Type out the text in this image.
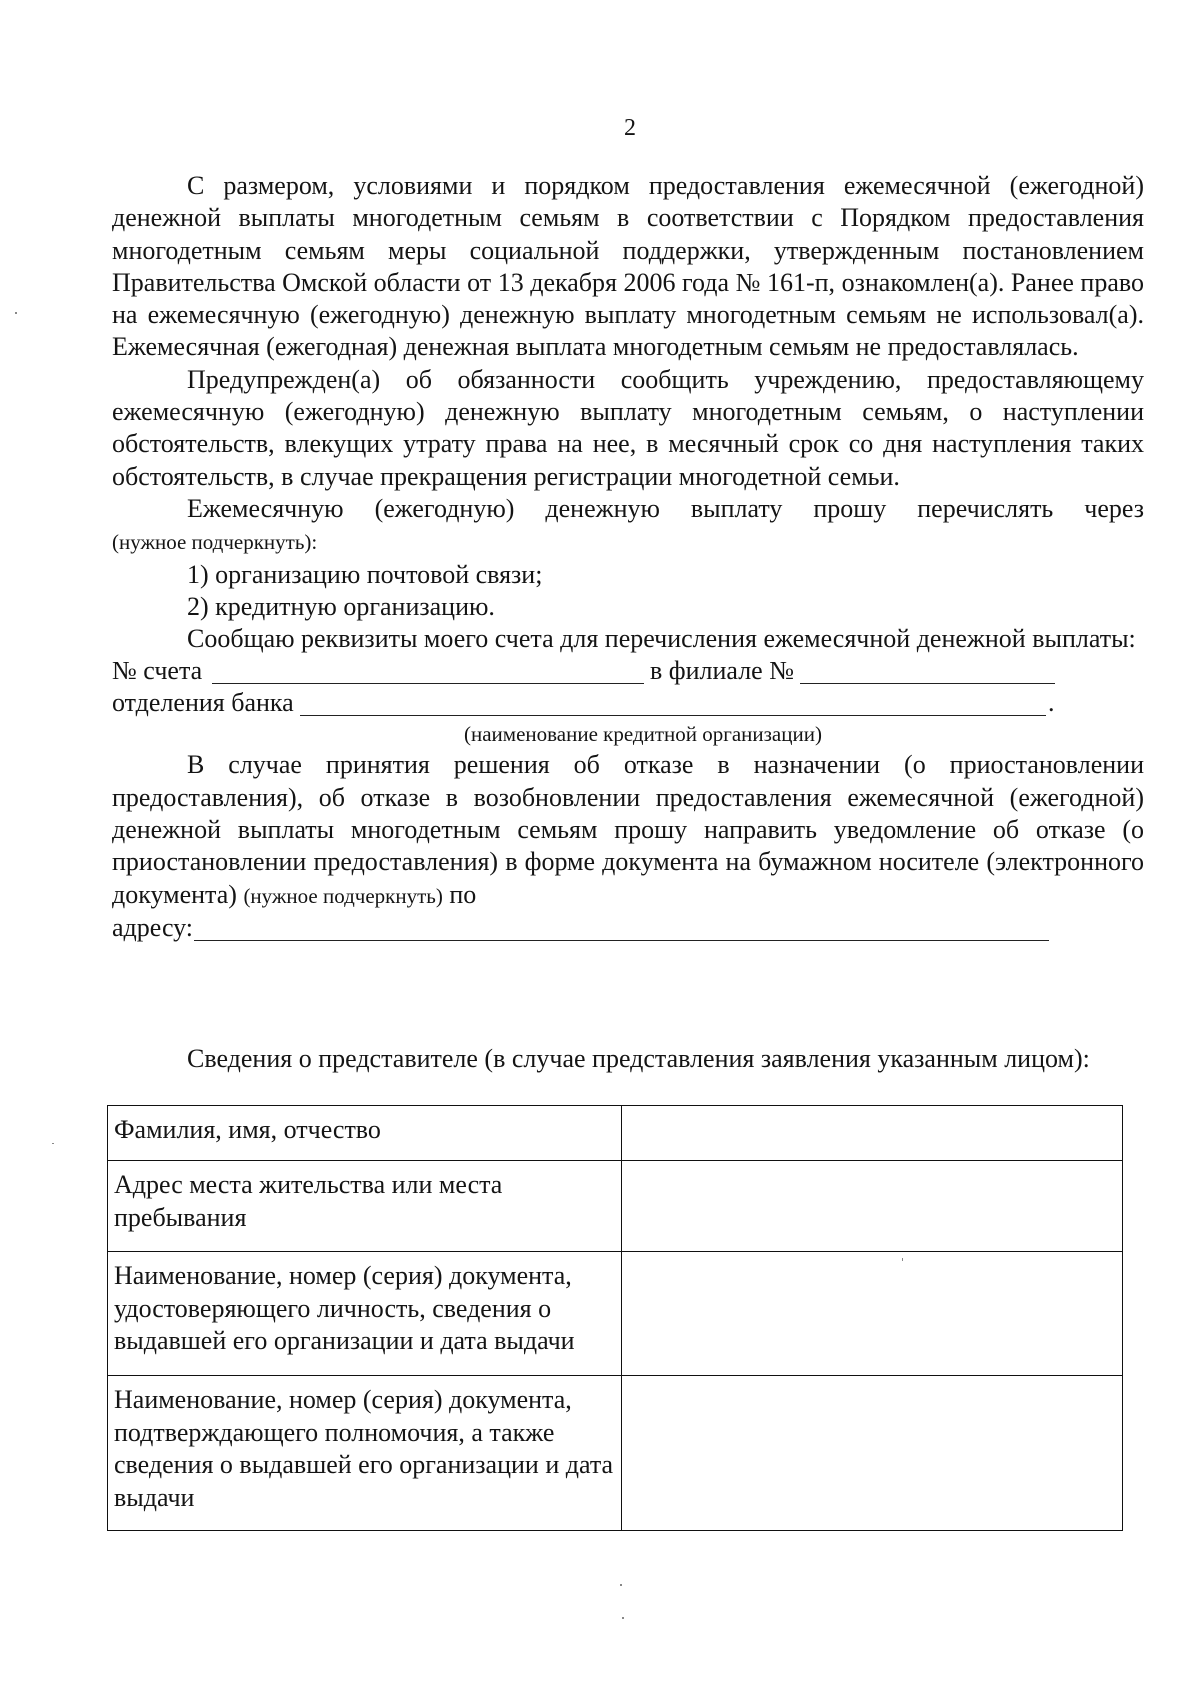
2

С размером, условиями и порядком предоставления ежемесячной (ежегодной) денежной выплаты многодетным семьям в соответствии с Порядком предоставления многодетным семьям меры социальной поддержки, утвержденным постановлением Правительства Омской области от 13 декабря 2006 года № 161-п, ознакомлен(а). Ранее право на ежемесячную (ежегодную) денежную выплату многодетным семьям не использовал(а). Ежемесячная (ежегодная) денежная выплата многодетным семьям не предоставлялась.

Предупрежден(а) об обязанности сообщить учреждению, предоставляющему ежемесячную (ежегодную) денежную выплату многодетным семьям, о наступлении обстоятельств, влекущих утрату права на нее, в месячный срок со дня наступления таких обстоятельств, в случае прекращения регистрации многодетной семьи.

Ежемесячную (ежегодную) денежную выплату прошу перечислять через

(нужное подчеркнуть):

1) организацию почтовой связи;

2) кредитную организацию.

Сообщаю реквизиты моего счета для перечисления ежемесячной денежной выплаты:

№ счета	в филиале №
отделения банка	.
(наименование кредитной организации)

В случае принятия решения об отказе в назначении (о приостановлении предоставления), об отказе в возобновлении предоставления ежемесячной (ежегодной) денежной выплаты многодетным семьям прошу направить уведомление об отказе (о приостановлении предоставления) в форме документа на бумажном носителе (электронного документа) (нужное подчеркнуть) по

адресу:
Сведения о представителе (в случае представления заявления указанным лицом):
Фамилия, имя, отчество	
Адрес места жительства или места пребывания	
Наименование, номер (серия) документа, удостоверяющего личность, сведения о выдавшей его организации и дата выдачи	
Наименование, номер (серия) документа, подтверждающего полномочия, а также сведения о выдавшей его организации и дата выдачи	
